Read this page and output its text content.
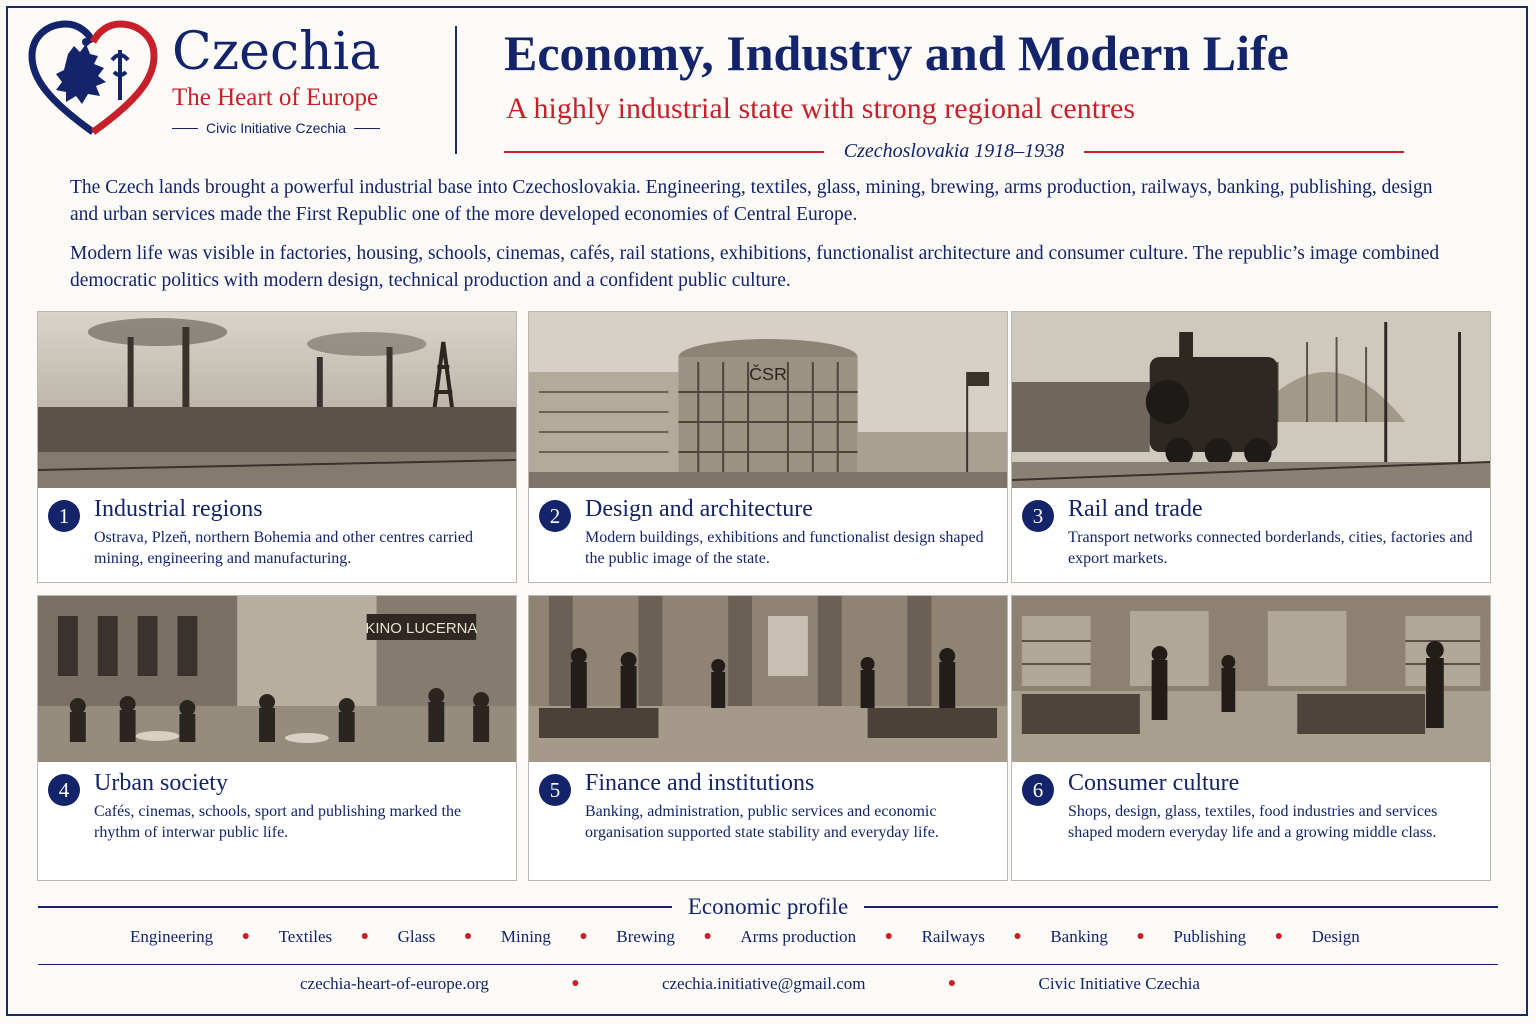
Czechia
The Heart of Europe
Civic Initiative Czechia
Economy, Industry and Modern Life
A highly industrial state with strong regional centres
Czechoslovakia 1918–1938

The Czech lands brought a powerful industrial base into Czechoslovakia. Engineering, textiles, glass, mining, brewing, arms production, railways, banking, publishing, design and urban services made the First Republic one of the more developed economies of Central Europe.

Modern life was visible in factories, housing, schools, cinemas, cafés, rail stations, exhibitions, functionalist architecture and consumer culture. The republic’s image combined democratic politics with modern design, technical production and a confident public culture.

1	Industrial regions

Ostrava, Plzeň, northern Bohemia and other centres carried mining, engineering and manufacturing.

ČSR
2	Design and architecture

Modern buildings, exhibitions and functionalist design shaped the public image of the state.

3	Rail and trade

Transport networks connected borderlands, cities, factories and export markets.

KINO LUCERNA
4	Urban society

Cafés, cinemas, schools, sport and publishing marked the rhythm of interwar public life.

5	Finance and institutions

Banking, administration, public services and economic organisation supported state stability and everyday life.

6	Consumer culture

Shops, design, glass, textiles, food industries and services shaped modern everyday life and a growing middle class.

Economic profile
Engineering ● Textiles ● Glass ● Mining ● Brewing ● Arms production ● Railways ● Banking ● Publishing ● Design
czechia-heart-of-europe.org	●	czechia.initiative@gmail.com	●	Civic Initiative Czechia
